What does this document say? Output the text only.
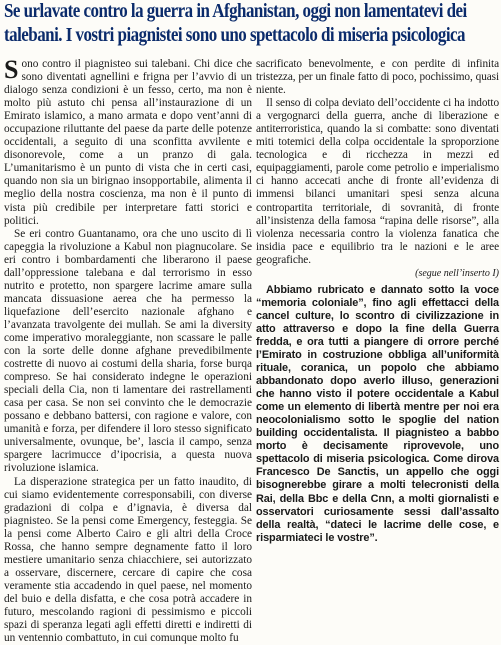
Se urlavate contro la guerra in Afghanistan, oggi non lamentatevi dei
talebani. I vostri piagnistei sono uno spettacolo di miseria psicologica

Sono contro il piagnisteo sui talebani. Chi dice che sono diventati agnellini e frigna per l’avvio di un dialogo senza condizioni è un fesso, certo, ma non è molto più astuto chi pensa all’instaurazione di un Emirato islamico, a mano armata e dopo vent’anni di occupazione riluttante del paese da parte delle potenze occidentali, a seguito di una sconfitta avvilente e disonorevole, come a un pranzo di gala. L’umanitarismo è un punto di vista che in certi casi, quando non sia un birignao insopportabile, alimenta il meglio della nostra coscienza, ma non è il punto di vista più credibile per interpretare fatti storici e politici.

Se eri contro Guantanamo, ora che uno uscito di lì capeggia la rivoluzione a Kabul non piagnucolare. Se eri contro i bombardamenti che liberarono il paese dall’oppressione talebana e dal terrorismo in esso nutrito e protetto, non spargere lacrime amare sulla mancata dissuasione aerea che ha permesso la liquefazione dell’esercito nazionale afghano e l’avanzata travolgente dei mullah. Se ami la diversity come imperativo moraleggiante, non scassare le palle con la sorte delle donne afghane prevedibilmente costrette di nuovo ai costumi della sharia, forse burqa compreso. Se hai considerato indegne le operazioni speciali della Cia, non ti lamentare dei rastrellamenti casa per casa. Se non sei convinto che le democrazie possano e debbano battersi, con ragione e valore, con umanità e forza, per difendere il loro stesso significato universalmente, ovunque, be’, lascia il campo, senza spargere lacrimucce d’ipocrisia, a questa nuova rivoluzione islamica.

La disperazione strategica per un fatto inaudito, di cui siamo evidentemente corresponsabili, con diverse gradazioni di colpa e d’ignavia, è diversa dal piagnisteo. Se la pensi come Emergency, festeggia. Se la pensi come Alberto Cairo e gli altri della Croce Rossa, che hanno sempre degnamente fatto il loro mestiere umanitario senza chiacchiere, sei autorizzato a osservare, discernere, cercare di capire che cosa veramente stia accadendo in quel paese, nel momento del buio e della disfatta, e che cosa potrà accadere in futuro, mescolando ragioni di pessimismo e piccoli spazi di speranza legati agli effetti diretti e indiretti di un ventennio combattuto, in cui comunque molto fu

sacrificato benevolmente, e con perdite di infinita tristezza, per un finale fatto di poco, pochissimo, quasi niente.

Il senso di colpa deviato dell’occidente ci ha indotto a vergognarci della guerra, anche di liberazione e antiterroristica, quando la si combatte: sono diventati miti totemici della colpa occidentale la sproporzione tecnologica e di ricchezza in mezzi ed equipaggiamenti, parole come petrolio e imperialismo ci hanno accecati anche di fronte all’evidenza di immensi bilanci umanitari spesi senza alcuna contropartita territoriale, di sovranità, di fronte all’insistenza della famosa “rapina delle risorse”, alla violenza necessaria contro la violenza fanatica che insidia pace e equilibrio tra le nazioni e le aree geografiche.

(segue nell’inserto I)

Abbiamo rubricato e dannato sotto la voce “memoria coloniale”, fino agli effettacci della cancel culture, lo scontro di civilizzazione in atto attraverso e dopo la fine della Guerra fredda, e ora tutti a piangere di orrore perché l’Emirato in costruzione obbliga all’uniformità rituale, coranica, un popolo che abbiamo abbandonato dopo averlo illuso, generazioni che hanno visto il potere occidentale a Kabul come un elemento di libertà mentre per noi era neocolonialismo sotto le spoglie del nation building occidentalista. Il piagnisteo a babbo morto è decisamente riprovevole, uno spettacolo di miseria psicologica. Come dirova Francesco De Sanctis, un appello che oggi bisognerebbe girare a molti telecronisti della Rai, della Bbc e della Cnn, a molti giornalisti e osservatori curiosamente sessi dall’assalto della realtà, “dateci le lacrime delle cose, e risparmiateci le vostre”.
